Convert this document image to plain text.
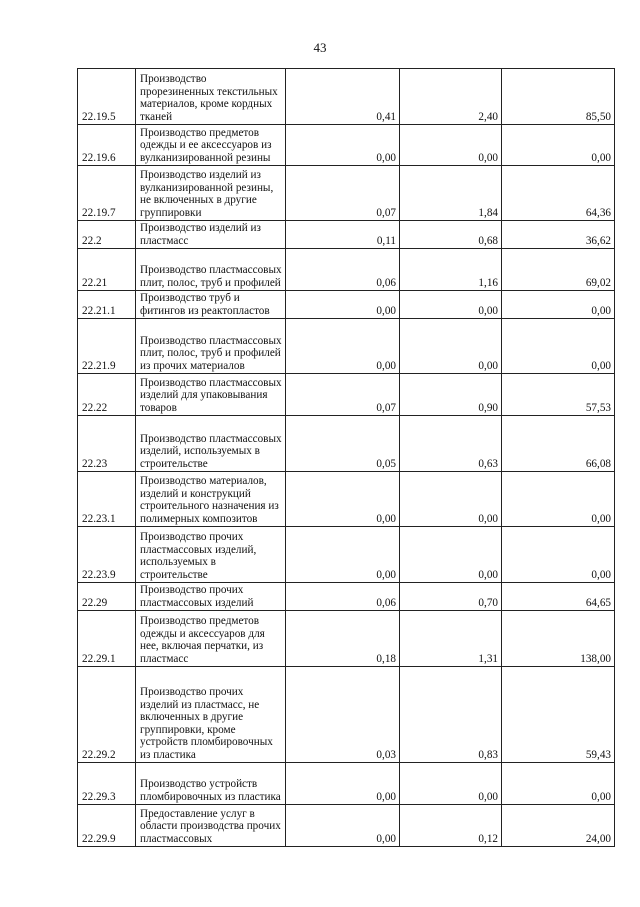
43
22.19.5	Производство прорезиненных текстильных материалов, кроме кордных тканей	0,41	2,40	85,50
22.19.6	Производство предметов одежды и ее аксессуаров из вулканизированной резины	0,00	0,00	0,00
22.19.7	Производство изделий из вулканизированной резины, не включенных в другие группировки	0,07	1,84	64,36
22.2	Производство изделий из пластмасс	0,11	0,68	36,62
22.21	Производство пластмассовых плит, полос, труб и профилей	0,06	1,16	69,02
22.21.1	Производство труб и фитингов из реактопластов	0,00	0,00	0,00
22.21.9	Производство пластмассовых плит, полос, труб и профилей из прочих материалов	0,00	0,00	0,00
22.22	Производство пластмассовых изделий для упаковывания товаров	0,07	0,90	57,53
22.23	Производство пластмассовых изделий, используемых в строительстве	0,05	0,63	66,08
22.23.1	Производство материалов, изделий и конструкций строительного назначения из полимерных композитов	0,00	0,00	0,00
22.23.9	Производство прочих пластмассовых изделий, используемых в строительстве	0,00	0,00	0,00
22.29	Производство прочих пластмассовых изделий	0,06	0,70	64,65
22.29.1	Производство предметов одежды и аксессуаров для нее, включая перчатки, из пластмасс	0,18	1,31	138,00
22.29.2	Производство прочих изделий из пластмасс, не включенных в другие группировки, кроме устройств пломбировочных из пластика	0,03	0,83	59,43
22.29.3	Производство устройств пломбировочных из пластика	0,00	0,00	0,00
22.29.9	Предоставление услуг в области производства прочих пластмассовых	0,00	0,12	24,00
